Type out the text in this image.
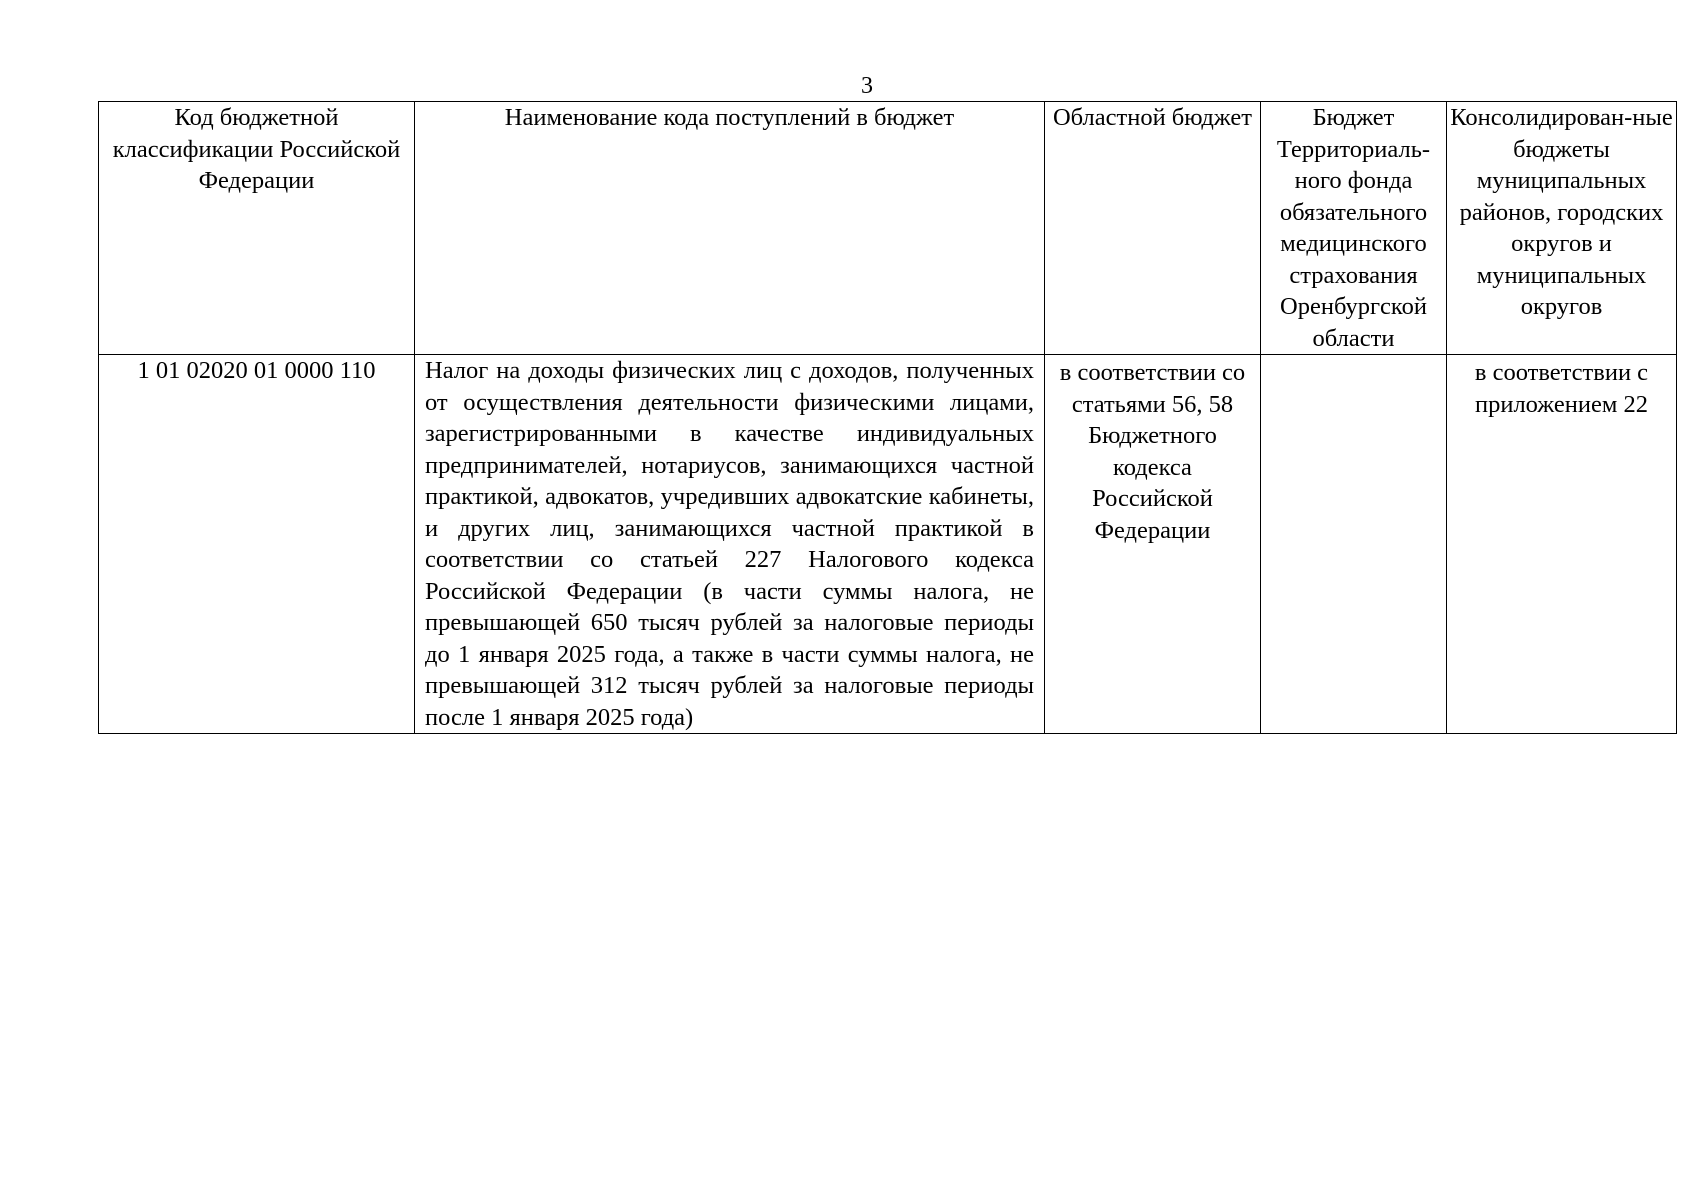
3
Код бюджетной классификации Российской Федерации	Наименование кода поступлений в бюджет	Областной бюджет	Бюджет Территориаль-ного фонда обязательного медицинского страхования Оренбургской области	Консолидирован-ные бюджеты муниципальных районов, городских округов и муниципальных округов
1 01 02020 01 0000 110	Налог на доходы физических лиц с доходов, полученных от осуществления деятельности физическими лицами, зарегистрированными в качестве индивидуальных предпринимателей, нотариусов, занимающихся частной практикой, адвокатов, учредивших адвокатские кабинеты, и других лиц, занимающихся частной практикой в соответствии со статьей 227 Налогового кодекса Российской Федерации (в части суммы налога, не превышающей 650 тысяч рублей за налоговые периоды до 1 января 2025 года, а также в части суммы налога, не превышающей 312 тысяч рублей за налоговые периоды после 1 января 2025 года)	в соответствии со статьями 56, 58 Бюджетного кодекса Российской Федерации		в соответствии с приложением 22
